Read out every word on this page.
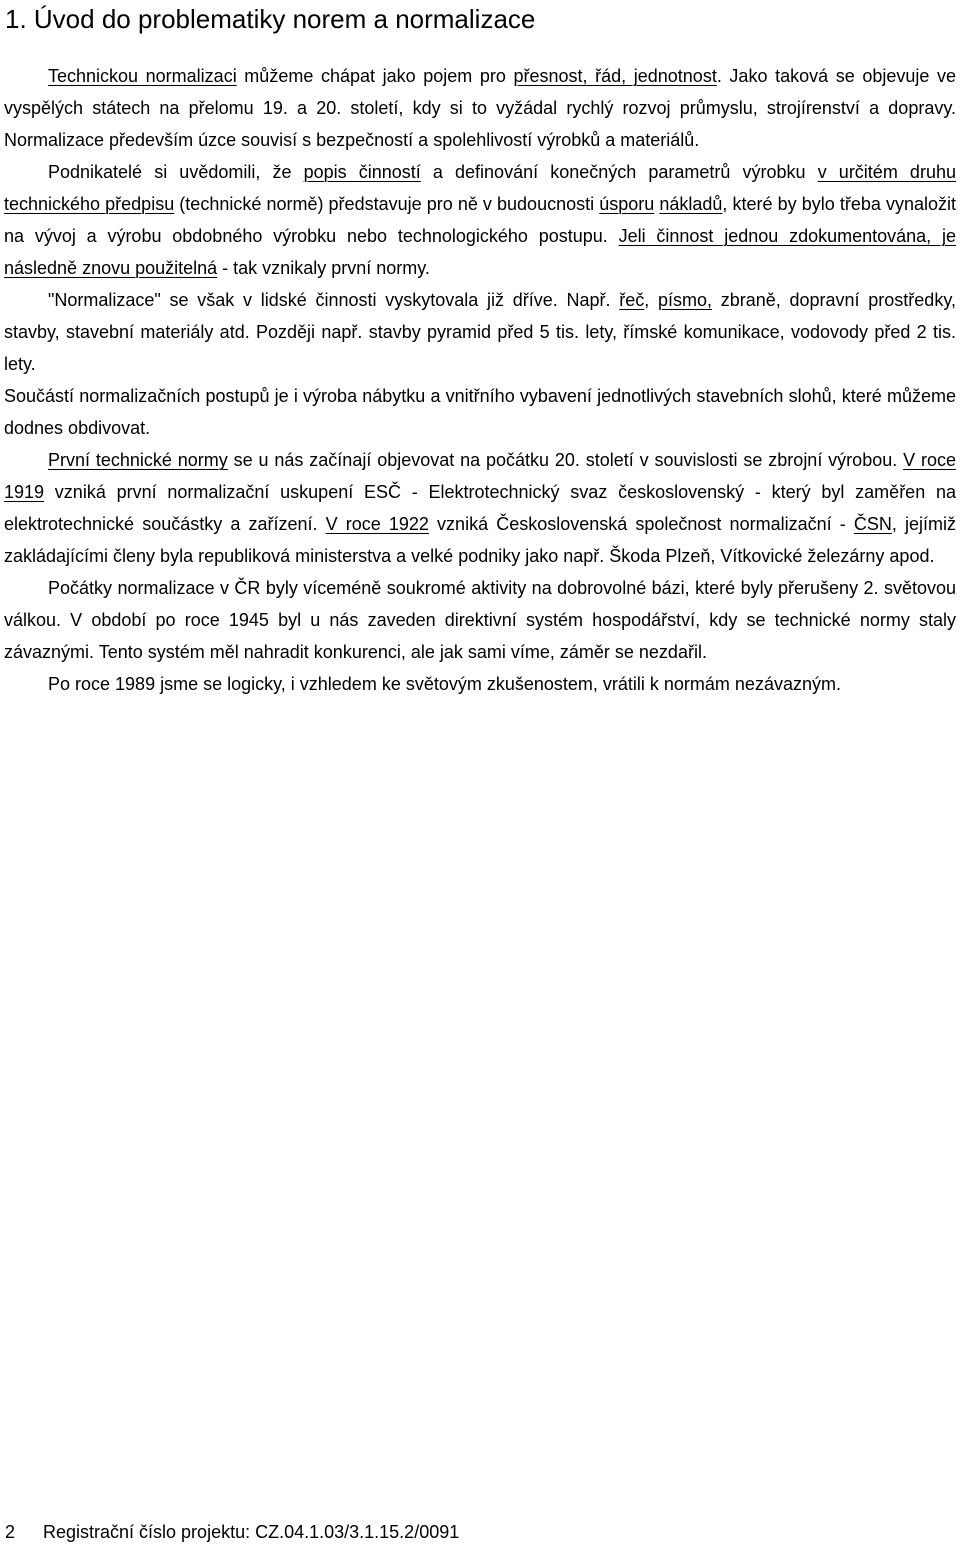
1. Úvod do problematiky norem a normalizace

Technickou normalizaci můžeme chápat jako pojem pro přesnost, řád, jednotnost. Jako taková se objevuje ve vyspělých státech na přelomu 19. a 20. století, kdy si to vyžádal rychlý rozvoj průmyslu, strojírenství a dopravy. Normalizace především úzce souvisí s bezpečností a spolehlivostí výrobků a materiálů.

Podnikatelé si uvědomili, že popis činností a definování konečných parametrů výrobku v určitém druhu technického předpisu (technické normě) představuje pro ně v budoucnosti úsporu nákladů, které by bylo třeba vynaložit na vývoj a výrobu obdobného výrobku nebo technologického postupu. Jeli činnost jednou zdokumentována, je následně znovu použitelná - tak vznikaly první normy.

"Normalizace" se však v lidské činnosti vyskytovala již dříve. Např. řeč, písmo, zbraně, dopravní prostředky, stavby, stavební materiály atd. Později např. stavby pyramid před 5 tis. lety, římské komunikace, vodovody před 2 tis. lety.

Součástí normalizačních postupů je i výroba nábytku a vnitřního vybavení jednotlivých stavebních slohů, které můžeme dodnes obdivovat.

První technické normy se u nás začínají objevovat na počátku 20. století v souvislosti se zbrojní výrobou. V roce 1919 vzniká první normalizační uskupení ESČ - Elektrotechnický svaz československý - který byl zaměřen na elektrotechnické součástky a zařízení. V roce 1922 vzniká Československá společnost normalizační - ČSN, jejímiž zakládajícími členy byla republiková ministerstva a velké podniky jako např. Škoda Plzeň, Vítkovické železárny apod.

Počátky normalizace v ČR byly víceméně soukromé aktivity na dobrovolné bázi, které byly přerušeny 2. světovou válkou. V období po roce 1945 byl u nás zaveden direktivní systém hospodářství, kdy se technické normy staly závaznými. Tento systém měl nahradit konkurenci, ale jak sami víme, záměr se nezdařil.

Po roce 1989 jsme se logicky, i vzhledem ke světovým zkušenostem, vrátili k normám nezávazným.

2 Registrační číslo projektu: CZ.04.1.03/3.1.15.2/0091
